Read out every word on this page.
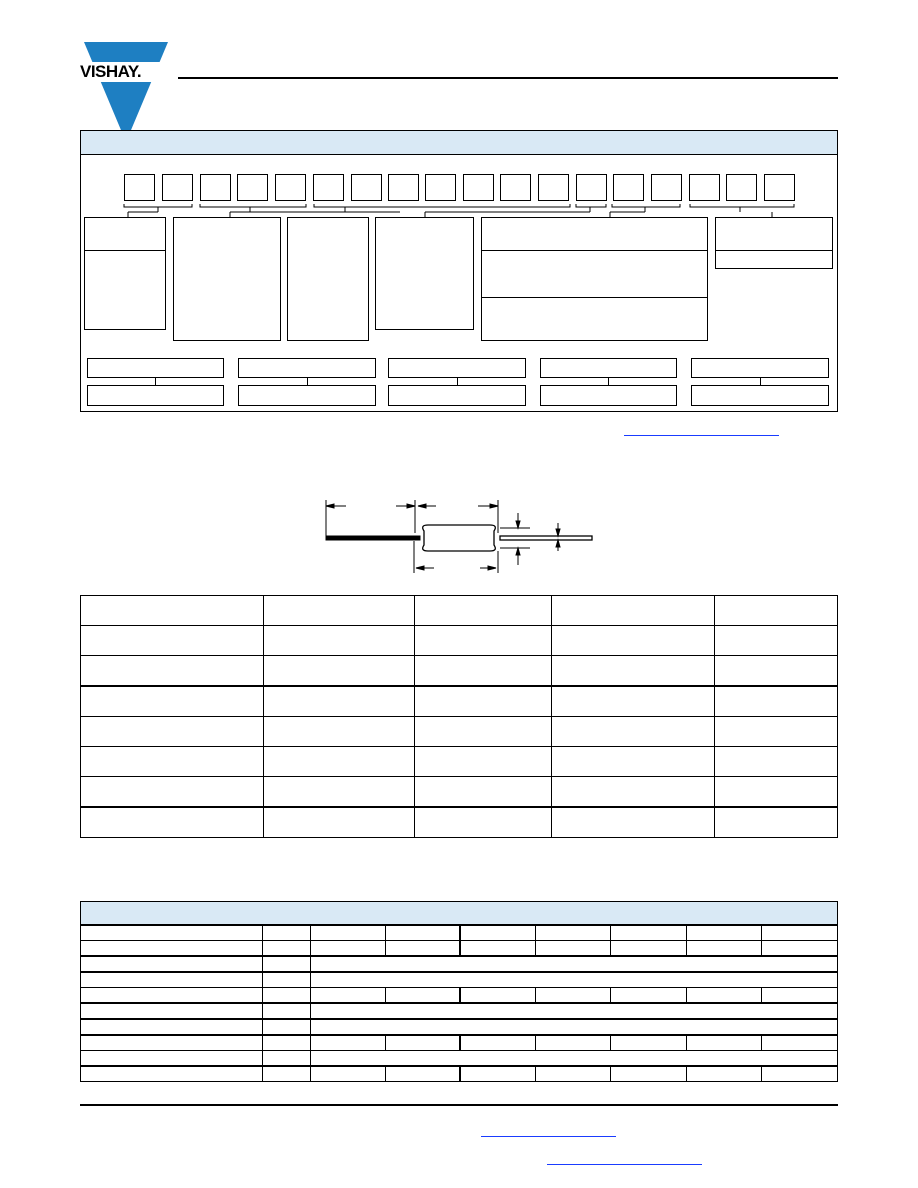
VISHAY.
